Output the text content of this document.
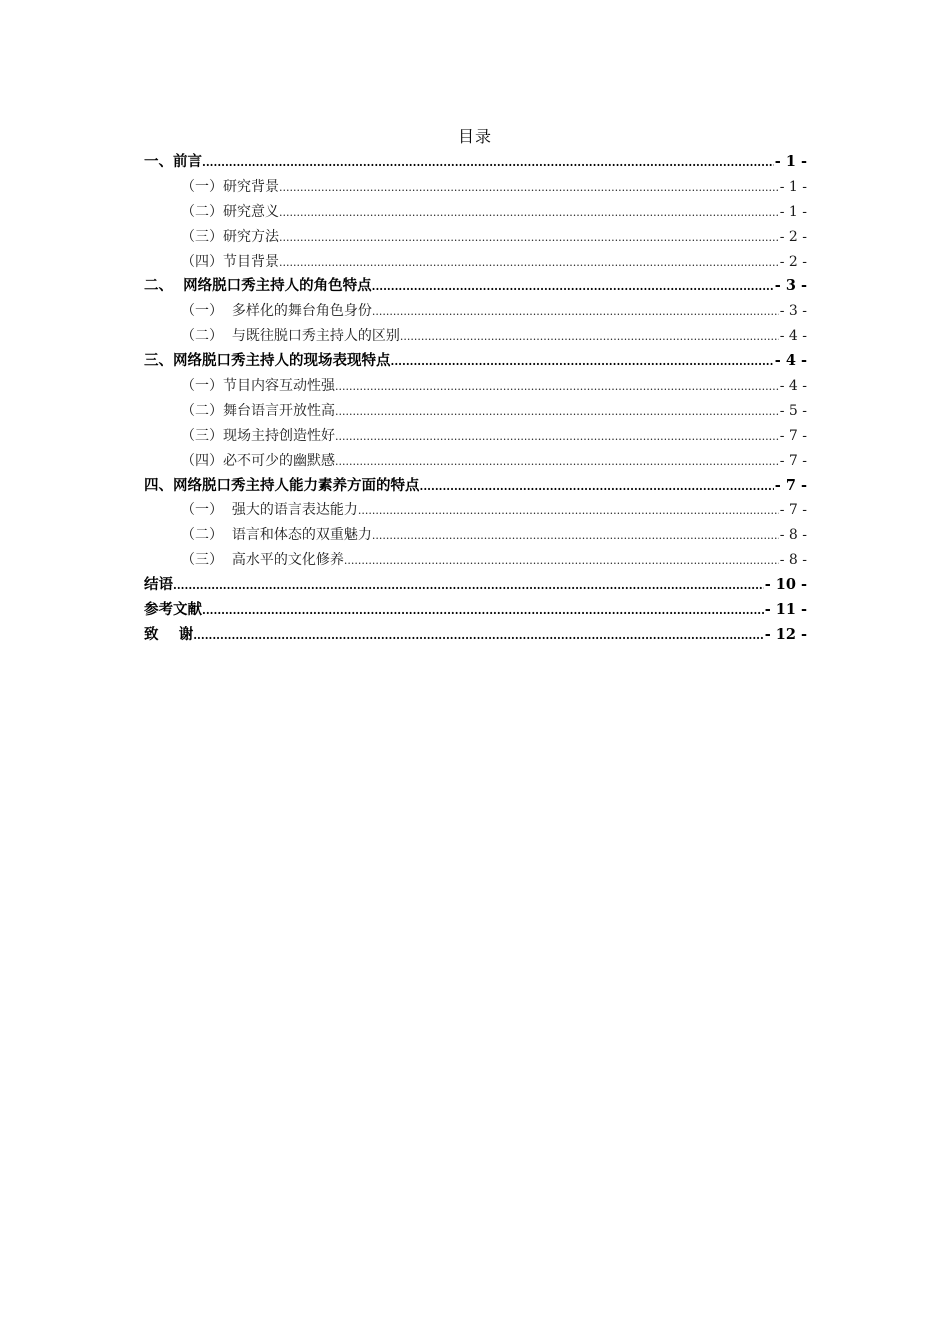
目录
一、前言 .....	- 1 -
（一）研究背景 .....	- 1 -
（二）研究意义 .....	- 1 -
（三）研究方法 .....	- 2 -
（四）节目背景 .....	- 2 -
二、  网络脱口秀主持人的角色特点 .....	- 3 -
（一）  多样化的舞台角色身份 .....	- 3 -
（二）  与既往脱口秀主持人的区别 .....	- 4 -
三、网络脱口秀主持人的现场表现特点 .....	- 4 -
（一）节目内容互动性强 .....	- 4 -
（二）舞台语言开放性高 .....	- 5 -
（三）现场主持创造性好 .....	- 7 -
（四）必不可少的幽默感 .....	- 7 -
四、网络脱口秀主持人能力素养方面的特点 .....	- 7 -
（一）  强大的语言表达能力 .....	- 7 -
（二）  语言和体态的双重魅力 .....	- 8 -
（三）  高水平的文化修养 .....	- 8 -
结语 .....	- 10 -
参考文献 .....	- 11 -
致    谢 .....	- 12 -
